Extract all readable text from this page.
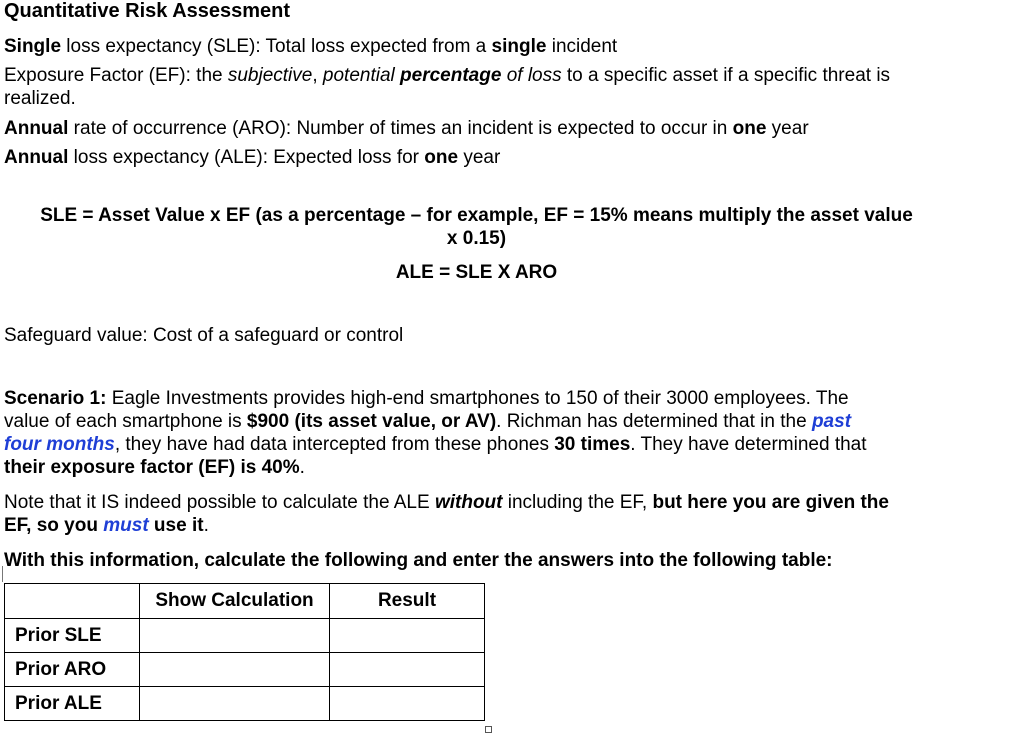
Quantitative Risk Assessment

Single loss expectancy (SLE): Total loss expected from a single incident

Exposure Factor (EF): the subjective, potential percentage of loss to a specific asset if a specific threat is

realized.

Annual rate of occurrence (ARO): Number of times an incident is expected to occur in one year

Annual loss expectancy (ALE): Expected loss for one year

SLE = Asset Value x EF (as a percentage – for example, EF = 15% means multiply the asset value

x 0.15)

ALE = SLE X ARO

Safeguard value: Cost of a safeguard or control

Scenario 1: Eagle Investments provides high-end smartphones to 150 of their 3000 employees. The

value of each smartphone is $900 (its asset value, or AV). Richman has determined that in the past

four months, they have had data intercepted from these phones 30 times. They have determined that

their exposure factor (EF) is 40%.

Note that it IS indeed possible to calculate the ALE without including the EF, but here you are given the

EF, so you must use it.

With this information, calculate the following and enter the answers into the following table:

	Show Calculation	Result
Prior SLE		
Prior ARO		
Prior ALE		
